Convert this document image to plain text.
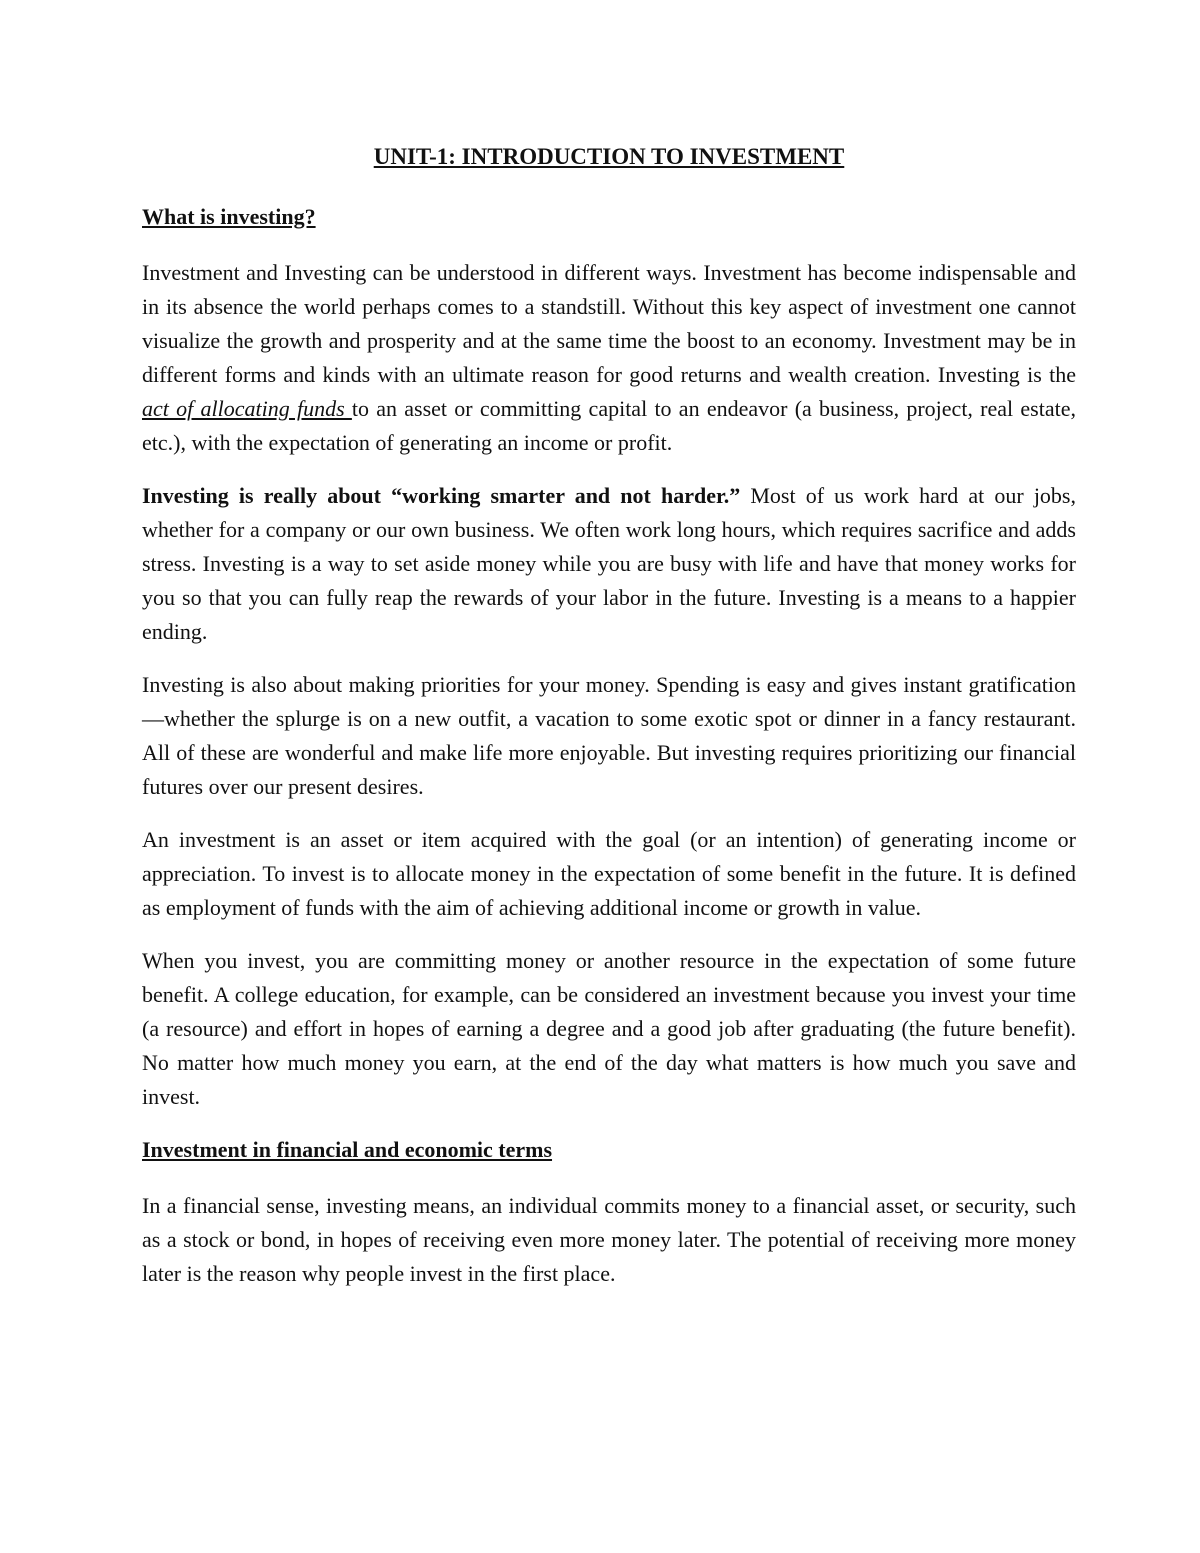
UNIT-1: INTRODUCTION TO INVESTMENT
What is investing?

Investment and Investing can be understood in different ways. Investment has become indispensable and in its absence the world perhaps comes to a standstill. Without this key aspect of investment one cannot visualize the growth and prosperity and at the same time the boost to an economy. Investment may be in different forms and kinds with an ultimate reason for good returns and wealth creation. Investing is the act of allocating funds to an asset or committing capital to an endeavor (a business, project, real estate, etc.), with the expectation of generating an income or profit.

Investing is really about “working smarter and not harder.” Most of us work hard at our jobs, whether for a company or our own business. We often work long hours, which requires sacrifice and adds stress. Investing is a way to set aside money while you are busy with life and have that money works for you so that you can fully reap the rewards of your labor in the future. Investing is a means to a happier ending.

Investing is also about making priorities for your money. Spending is easy and gives instant gratification—whether the splurge is on a new outfit, a vacation to some exotic spot or dinner in a fancy restaurant. All of these are wonderful and make life more enjoyable. But investing requires prioritizing our financial futures over our present desires.

An investment is an asset or item acquired with the goal (or an intention) of generating income or appreciation. To invest is to allocate money in the expectation of some benefit in the future. It is defined as employment of funds with the aim of achieving additional income or growth in value.

When you invest, you are committing money or another resource in the expectation of some future benefit. A college education, for example, can be considered an investment because you invest your time (a resource) and effort in hopes of earning a degree and a good job after graduating (the future benefit). No matter how much money you earn, at the end of the day what matters is how much you save and invest.

Investment in financial and economic terms

In a financial sense, investing means, an individual commits money to a financial asset, or security, such as a stock or bond, in hopes of receiving even more money later. The potential of receiving more money later is the reason why people invest in the first place.
